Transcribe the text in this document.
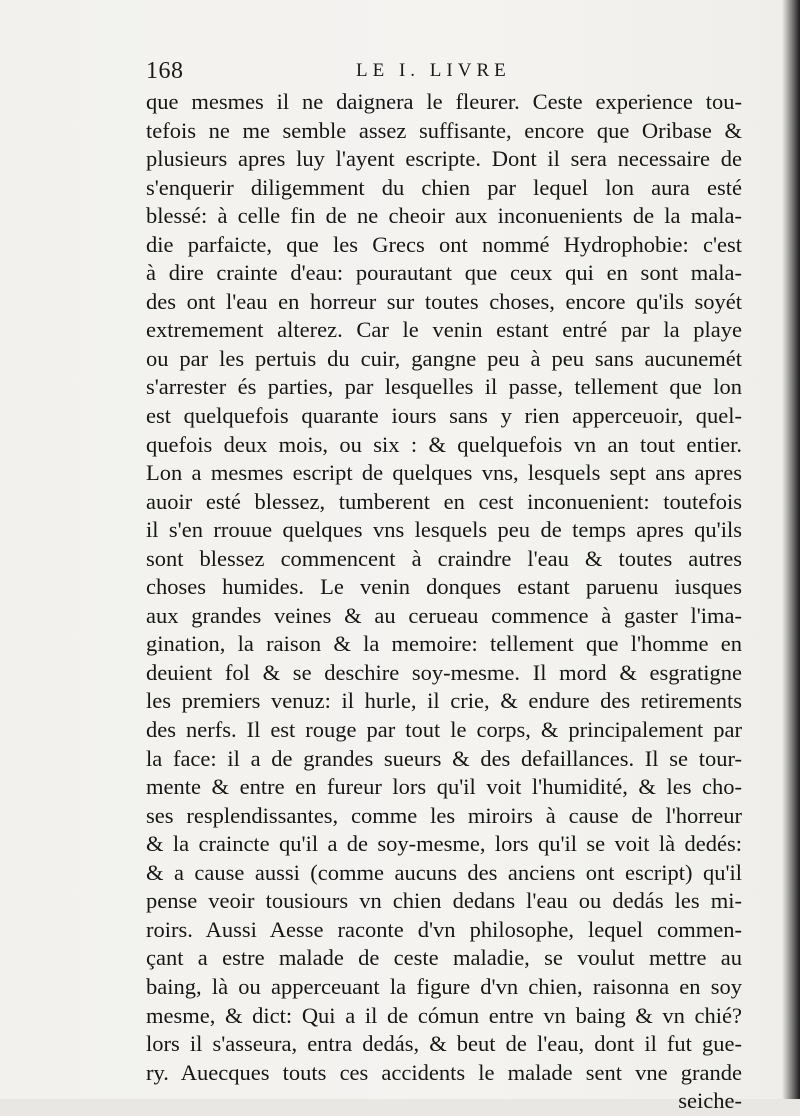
168	LE I. LIVRE
que mesmes il ne daignera le fleurer. Ceste experience tou-
tefois ne me semble assez suffisante, encore que Oribase &
plusieurs apres luy l'ayent escripte. Dont il sera necessaire de
s'enquerir diligemment du chien par lequel lon aura esté
blessé: à celle fin de ne cheoir aux inconuenients de la mala-
die parfaicte, que les Grecs ont nommé Hydrophobie: c'est
à dire crainte d'eau: pourautant que ceux qui en sont mala-
des ont l'eau en horreur sur toutes choses, encore qu'ils soyét
extremement alterez. Car le venin estant entré par la playe
ou par les pertuis du cuir, gangne peu à peu sans aucunemét
s'arrester és parties, par lesquelles il passe, tellement que lon
est quelquefois quarante iours sans y rien apperceuoir, quel-
quefois deux mois, ou six : & quelquefois vn an tout entier.
Lon a mesmes escript de quelques vns, lesquels sept ans apres
auoir esté blessez, tumberent en cest inconuenient: toutefois
il s'en rrouue quelques vns lesquels peu de temps apres qu'ils
sont blessez commencent à craindre l'eau & toutes autres
choses humides. Le venin donques estant paruenu iusques
aux grandes veines & au cerueau commence à gaster l'ima-
gination, la raison & la memoire: tellement que l'homme en
deuient fol & se deschire soy-mesme. Il mord & esgratigne
les premiers venuz: il hurle, il crie, & endure des retirements
des nerfs. Il est rouge par tout le corps, & principalement par
la face: il a de grandes sueurs & des defaillances. Il se tour-
mente & entre en fureur lors qu'il voit l'humidité, & les cho-
ses resplendissantes, comme les miroirs à cause de l'horreur
& la craincte qu'il a de soy-mesme, lors qu'il se voit là dedés:
& a cause aussi (comme aucuns des anciens ont escript) qu'il
pense veoir tousiours vn chien dedans l'eau ou dedás les mi-
roirs. Aussi Aesse raconte d'vn philosophe, lequel commen-
çant a estre malade de ceste maladie, se voulut mettre au
baing, là ou apperceuant la figure d'vn chien, raisonna en soy
mesme, & dict: Qui a il de cómun entre vn baing & vn chié?
lors il s'asseura, entra dedás, & beut de l'eau, dont il fut gue-
ry. Auecques touts ces accidents le malade sent vne grande
seiche-
